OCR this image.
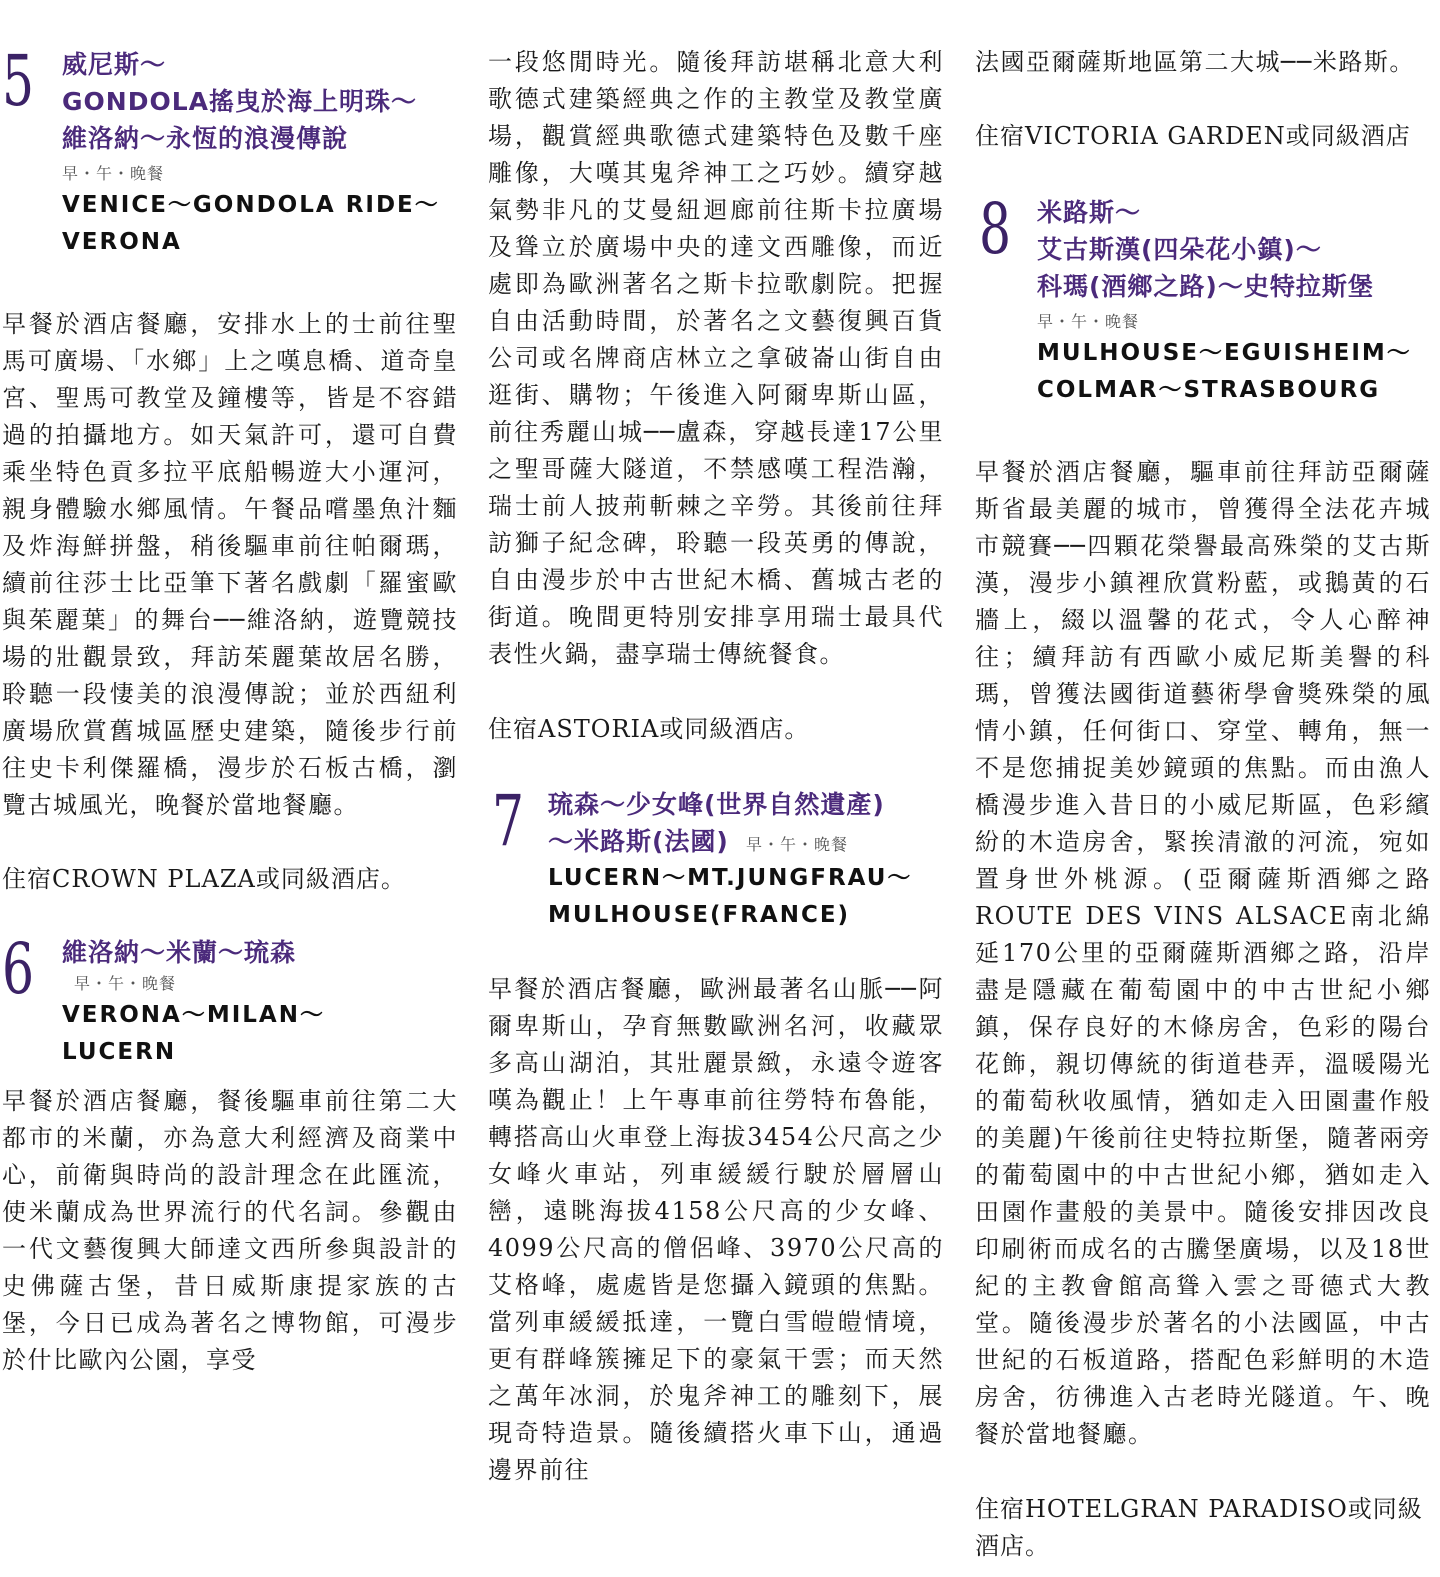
5 威尼斯～
GONDOLA搖曳於海上明珠～
維洛納～永恆的浪漫傳說
早・午・晚餐
VENICE～GONDOLA RIDE～
VERONA

早餐於酒店餐廳，安排水上的士前往聖馬可廣場、「水鄉」上之嘆息橋、道奇皇宮、聖馬可教堂及鐘樓等，皆是不容錯過的拍攝地方。如天氣許可，還可自費乘坐特色貢多拉平底船暢遊大小運河，親身體驗水鄉風情。午餐品嚐墨魚汁麵及炸海鮮拼盤，稍後驅車前往帕爾瑪，續前往莎士比亞筆下著名戲劇「羅蜜歐與茱麗葉」的舞台──維洛納，遊覽競技場的壯觀景致，拜訪茱麗葉故居名勝，聆聽一段悽美的浪漫傳說；並於西紐利廣場欣賞舊城區歷史建築，隨後步行前往史卡利傑羅橋，漫步於石板古橋，瀏覽古城風光，晚餐於當地餐廳。

住宿CROWN PLAZA或同級酒店。

6 維洛納～米蘭～琉森 早・午・晚餐
VERONA～MILAN～
LUCERN

早餐於酒店餐廳，餐後驅車前往第二大都市的米蘭，亦為意大利經濟及商業中心，前衛與時尚的設計理念在此匯流，使米蘭成為世界流行的代名詞。參觀由一代文藝復興大師達文西所參與設計的史佛薩古堡，昔日威斯康提家族的古堡，今日已成為著名之博物館，可漫步於什比歐內公園，享受

一段悠閒時光。隨後拜訪堪稱北意大利歌德式建築經典之作的主教堂及教堂廣場，觀賞經典歌德式建築特色及數千座雕像，大嘆其鬼斧神工之巧妙。續穿越氣勢非凡的艾曼紐迴廊前往斯卡拉廣場及聳立於廣場中央的達文西雕像，而近處即為歐洲著名之斯卡拉歌劇院。把握自由活動時間，於著名之文藝復興百貨公司或名牌商店林立之拿破崙山街自由逛街、購物；午後進入阿爾卑斯山區，前往秀麗山城──盧森，穿越長達17公里之聖哥薩大隧道，不禁感嘆工程浩瀚，瑞士前人披荊斬棘之辛勞。其後前往拜訪獅子紀念碑，聆聽一段英勇的傳說，自由漫步於中古世紀木橋、舊城古老的街道。晚間更特別安排享用瑞士最具代表性火鍋，盡享瑞士傳統餐食。

住宿ASTORIA或同級酒店。

7 琉森～少女峰(世界自然遺產)
～米路斯(法國) 早・午・晚餐
LUCERN～MT.JUNGFRAU～
MULHOUSE(FRANCE)

早餐於酒店餐廳，歐洲最著名山脈──阿爾卑斯山，孕育無數歐洲名河，收藏眾多高山湖泊，其壯麗景緻，永遠令遊客嘆為觀止！上午專車前往勞特布魯能，轉搭高山火車登上海拔3454公尺高之少女峰火車站，列車緩緩行駛於層層山巒，遠眺海拔4158公尺高的少女峰、4099公尺高的僧侶峰、3970公尺高的艾格峰，處處皆是您攝入鏡頭的焦點。當列車緩緩抵達，一覽白雪皚皚情境，更有群峰簇擁足下的豪氣干雲；而天然之萬年冰洞，於鬼斧神工的雕刻下，展現奇特造景。隨後續搭火車下山，通過邊界前往

法國亞爾薩斯地區第二大城──米路斯。

住宿VICTORIA GARDEN或同級酒店

8 米路斯～
艾古斯漢(四朵花小鎮)～
科瑪(酒鄉之路)～史特拉斯堡
早・午・晚餐
MULHOUSE～EGUISHEIM～
COLMAR～STRASBOURG

早餐於酒店餐廳，驅車前往拜訪亞爾薩斯省最美麗的城市，曾獲得全法花卉城市競賽──四顆花榮譽最高殊榮的艾古斯漢，漫步小鎮裡欣賞粉藍，或鵝黃的石牆上，綴以溫馨的花式，令人心醉神往；續拜訪有西歐小威尼斯美譽的科瑪，曾獲法國街道藝術學會獎殊榮的風情小鎮，任何街口、穿堂、轉角，無一不是您捕捉美妙鏡頭的焦點。而由漁人橋漫步進入昔日的小威尼斯區，色彩繽紛的木造房舍，緊挨清澈的河流，宛如置身世外桃源。(亞爾薩斯酒鄉之路ROUTE DES VINS ALSACE南北綿延170公里的亞爾薩斯酒鄉之路，沿岸盡是隱藏在葡萄園中的中古世紀小鄉鎮，保存良好的木條房舍，色彩的陽台花飾，親切傳統的街道巷弄，溫暖陽光的葡萄秋收風情，猶如走入田園畫作般的美麗)午後前往史特拉斯堡，隨著兩旁的葡萄園中的中古世紀小鄉，猶如走入田園作畫般的美景中。隨後安排因改良印刷術而成名的古騰堡廣場，以及18世紀的主教會館高聳入雲之哥德式大教堂。隨後漫步於著名的小法國區，中古世紀的石板道路，搭配色彩鮮明的木造房舍，彷彿進入古老時光隧道。午、晚餐於當地餐廳。

住宿HOTELGRAN PARADISO或同級酒店。
